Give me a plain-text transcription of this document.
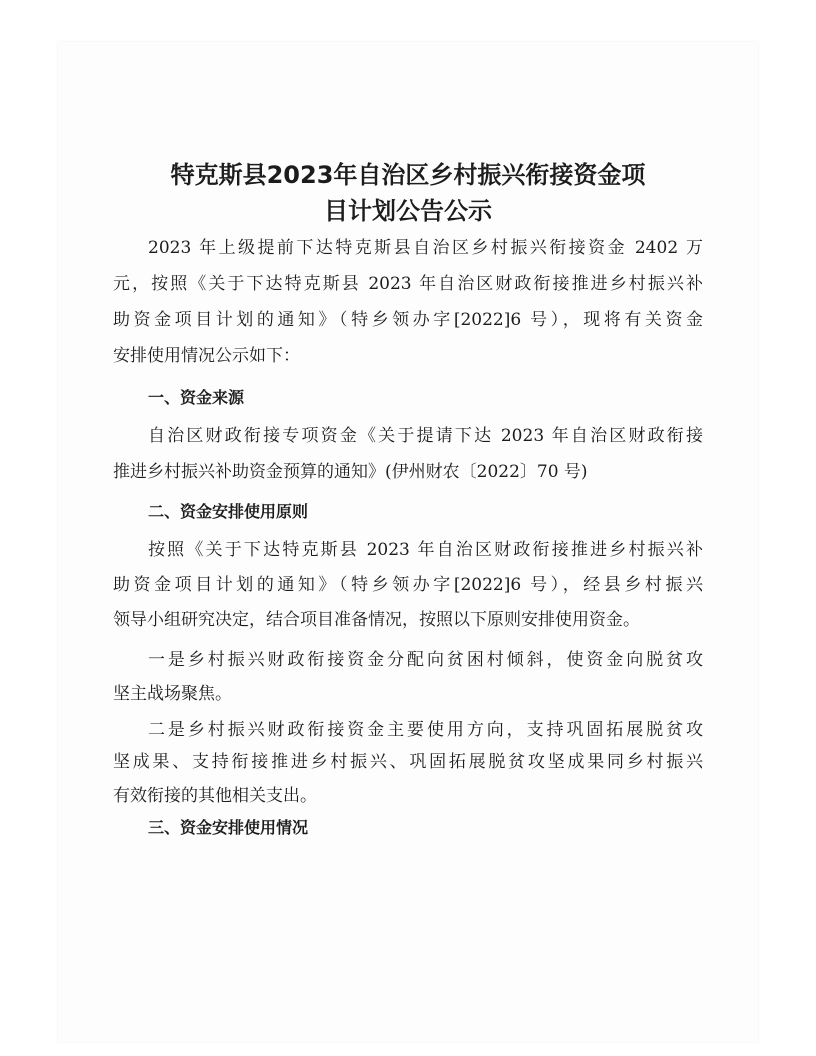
特克斯县2023年自治区乡村振兴衔接资金项
目计划公告公示

2023 年上级提前下达特克斯县自治区乡村振兴衔接资金 2402 万

元，按照《关于下达特克斯县 2023 年自治区财政衔接推进乡村振兴补

助资金项目计划的通知》（特乡领办字[2022]6 号），现将有关资金

安排使用情况公示如下：

一、资金来源

自治区财政衔接专项资金《关于提请下达 2023 年自治区财政衔接

推进乡村振兴补助资金预算的通知》(伊州财农〔2022〕70 号)

二、资金安排使用原则

按照《关于下达特克斯县 2023 年自治区财政衔接推进乡村振兴补

助资金项目计划的通知》（特乡领办字[2022]6 号），经县乡村振兴

领导小组研究决定，结合项目准备情况，按照以下原则安排使用资金。

一是乡村振兴财政衔接资金分配向贫困村倾斜，使资金向脱贫攻

坚主战场聚焦。

二是乡村振兴财政衔接资金主要使用方向，支持巩固拓展脱贫攻

坚成果、支持衔接推进乡村振兴、巩固拓展脱贫攻坚成果同乡村振兴

有效衔接的其他相关支出。

三、资金安排使用情况
